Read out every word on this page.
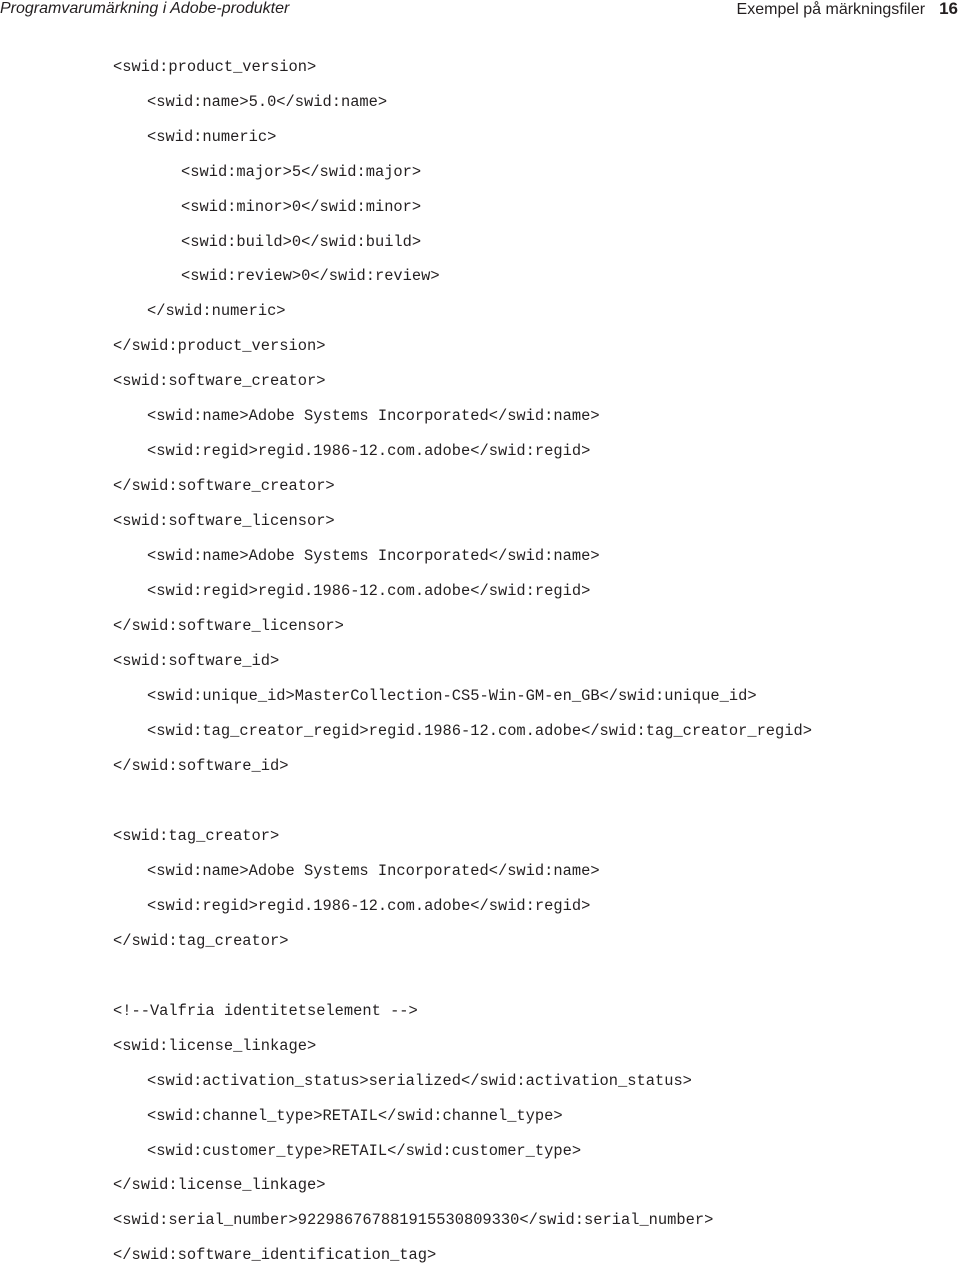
Programvarumärkning i Adobe-produkter	Exempel på märkningsfiler 16
<swid:product_version>
<swid:name>5.0</swid:name>
<swid:numeric>
<swid:major>5</swid:major>
<swid:minor>0</swid:minor>
<swid:build>0</swid:build>
<swid:review>0</swid:review>
</swid:numeric>
</swid:product_version>
<swid:software_creator>
<swid:name>Adobe Systems Incorporated</swid:name>
<swid:regid>regid.1986-12.com.adobe</swid:regid>
</swid:software_creator>
<swid:software_licensor>
<swid:name>Adobe Systems Incorporated</swid:name>
<swid:regid>regid.1986-12.com.adobe</swid:regid>
</swid:software_licensor>
<swid:software_id>
<swid:unique_id>MasterCollection-CS5-Win-GM-en_GB</swid:unique_id>
<swid:tag_creator_regid>regid.1986-12.com.adobe</swid:tag_creator_regid>
</swid:software_id>
<swid:tag_creator>
<swid:name>Adobe Systems Incorporated</swid:name>
<swid:regid>regid.1986-12.com.adobe</swid:regid>
</swid:tag_creator>
<!--Valfria identitetselement -->
<swid:license_linkage>
<swid:activation_status>serialized</swid:activation_status>
<swid:channel_type>RETAIL</swid:channel_type>
<swid:customer_type>RETAIL</swid:customer_type>
</swid:license_linkage>
<swid:serial_number>922986767881915530809330</swid:serial_number>
</swid:software_identification_tag>
